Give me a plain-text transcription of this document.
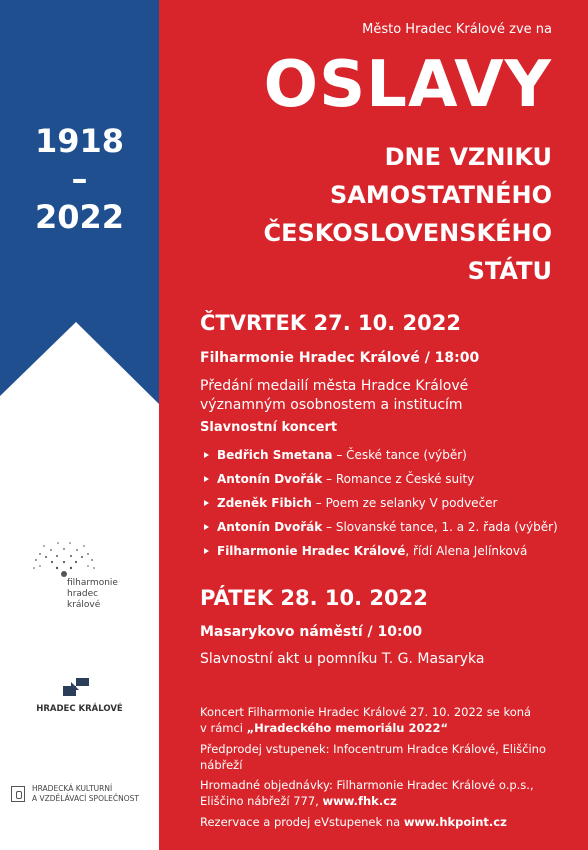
1918
–
2022
filharmonie
hradec
králové
HRADEC KRÁLOVÉ
HRADECKÁ KULTURNÍ
A VZDĚLÁVACÍ SPOLEČNOST
Město Hradec Králové zve na
OSLAVY
DNE VZNIKU
SAMOSTATNÉHO
ČESKOSLOVENSKÉHO
STÁTU
ČTVRTEK 27. 10. 2022
Filharmonie Hradec Králové / 18:00
Předání medailí města Hradce Králové
významným osobnostem a institucím
Slavnostní koncert
Bedřich Smetana – České tance (výběr)
Antonín Dvořák – Romance z České suity
Zdeněk Fibich – Poem ze selanky V podvečer
Antonín Dvořák – Slovanské tance, 1. a 2. řada (výběr)
Filharmonie Hradec Králové, řídí Alena Jelínková
PÁTEK 28. 10. 2022
Masarykovo náměstí / 10:00
Slavnostní akt u pomníku T. G. Masaryka
Koncert Filharmonie Hradec Králové 27. 10. 2022 se koná
v rámci „Hradeckého memoriálu 2022“
Předprodej vstupenek: Infocentrum Hradce Králové, Eliščino
nábřeží
Hromadné objednávky: Filharmonie Hradec Králové o.p.s.,
Eliščino nábřeží 777, www.fhk.cz
Rezervace a prodej eVstupenek na www.hkpoint.cz
